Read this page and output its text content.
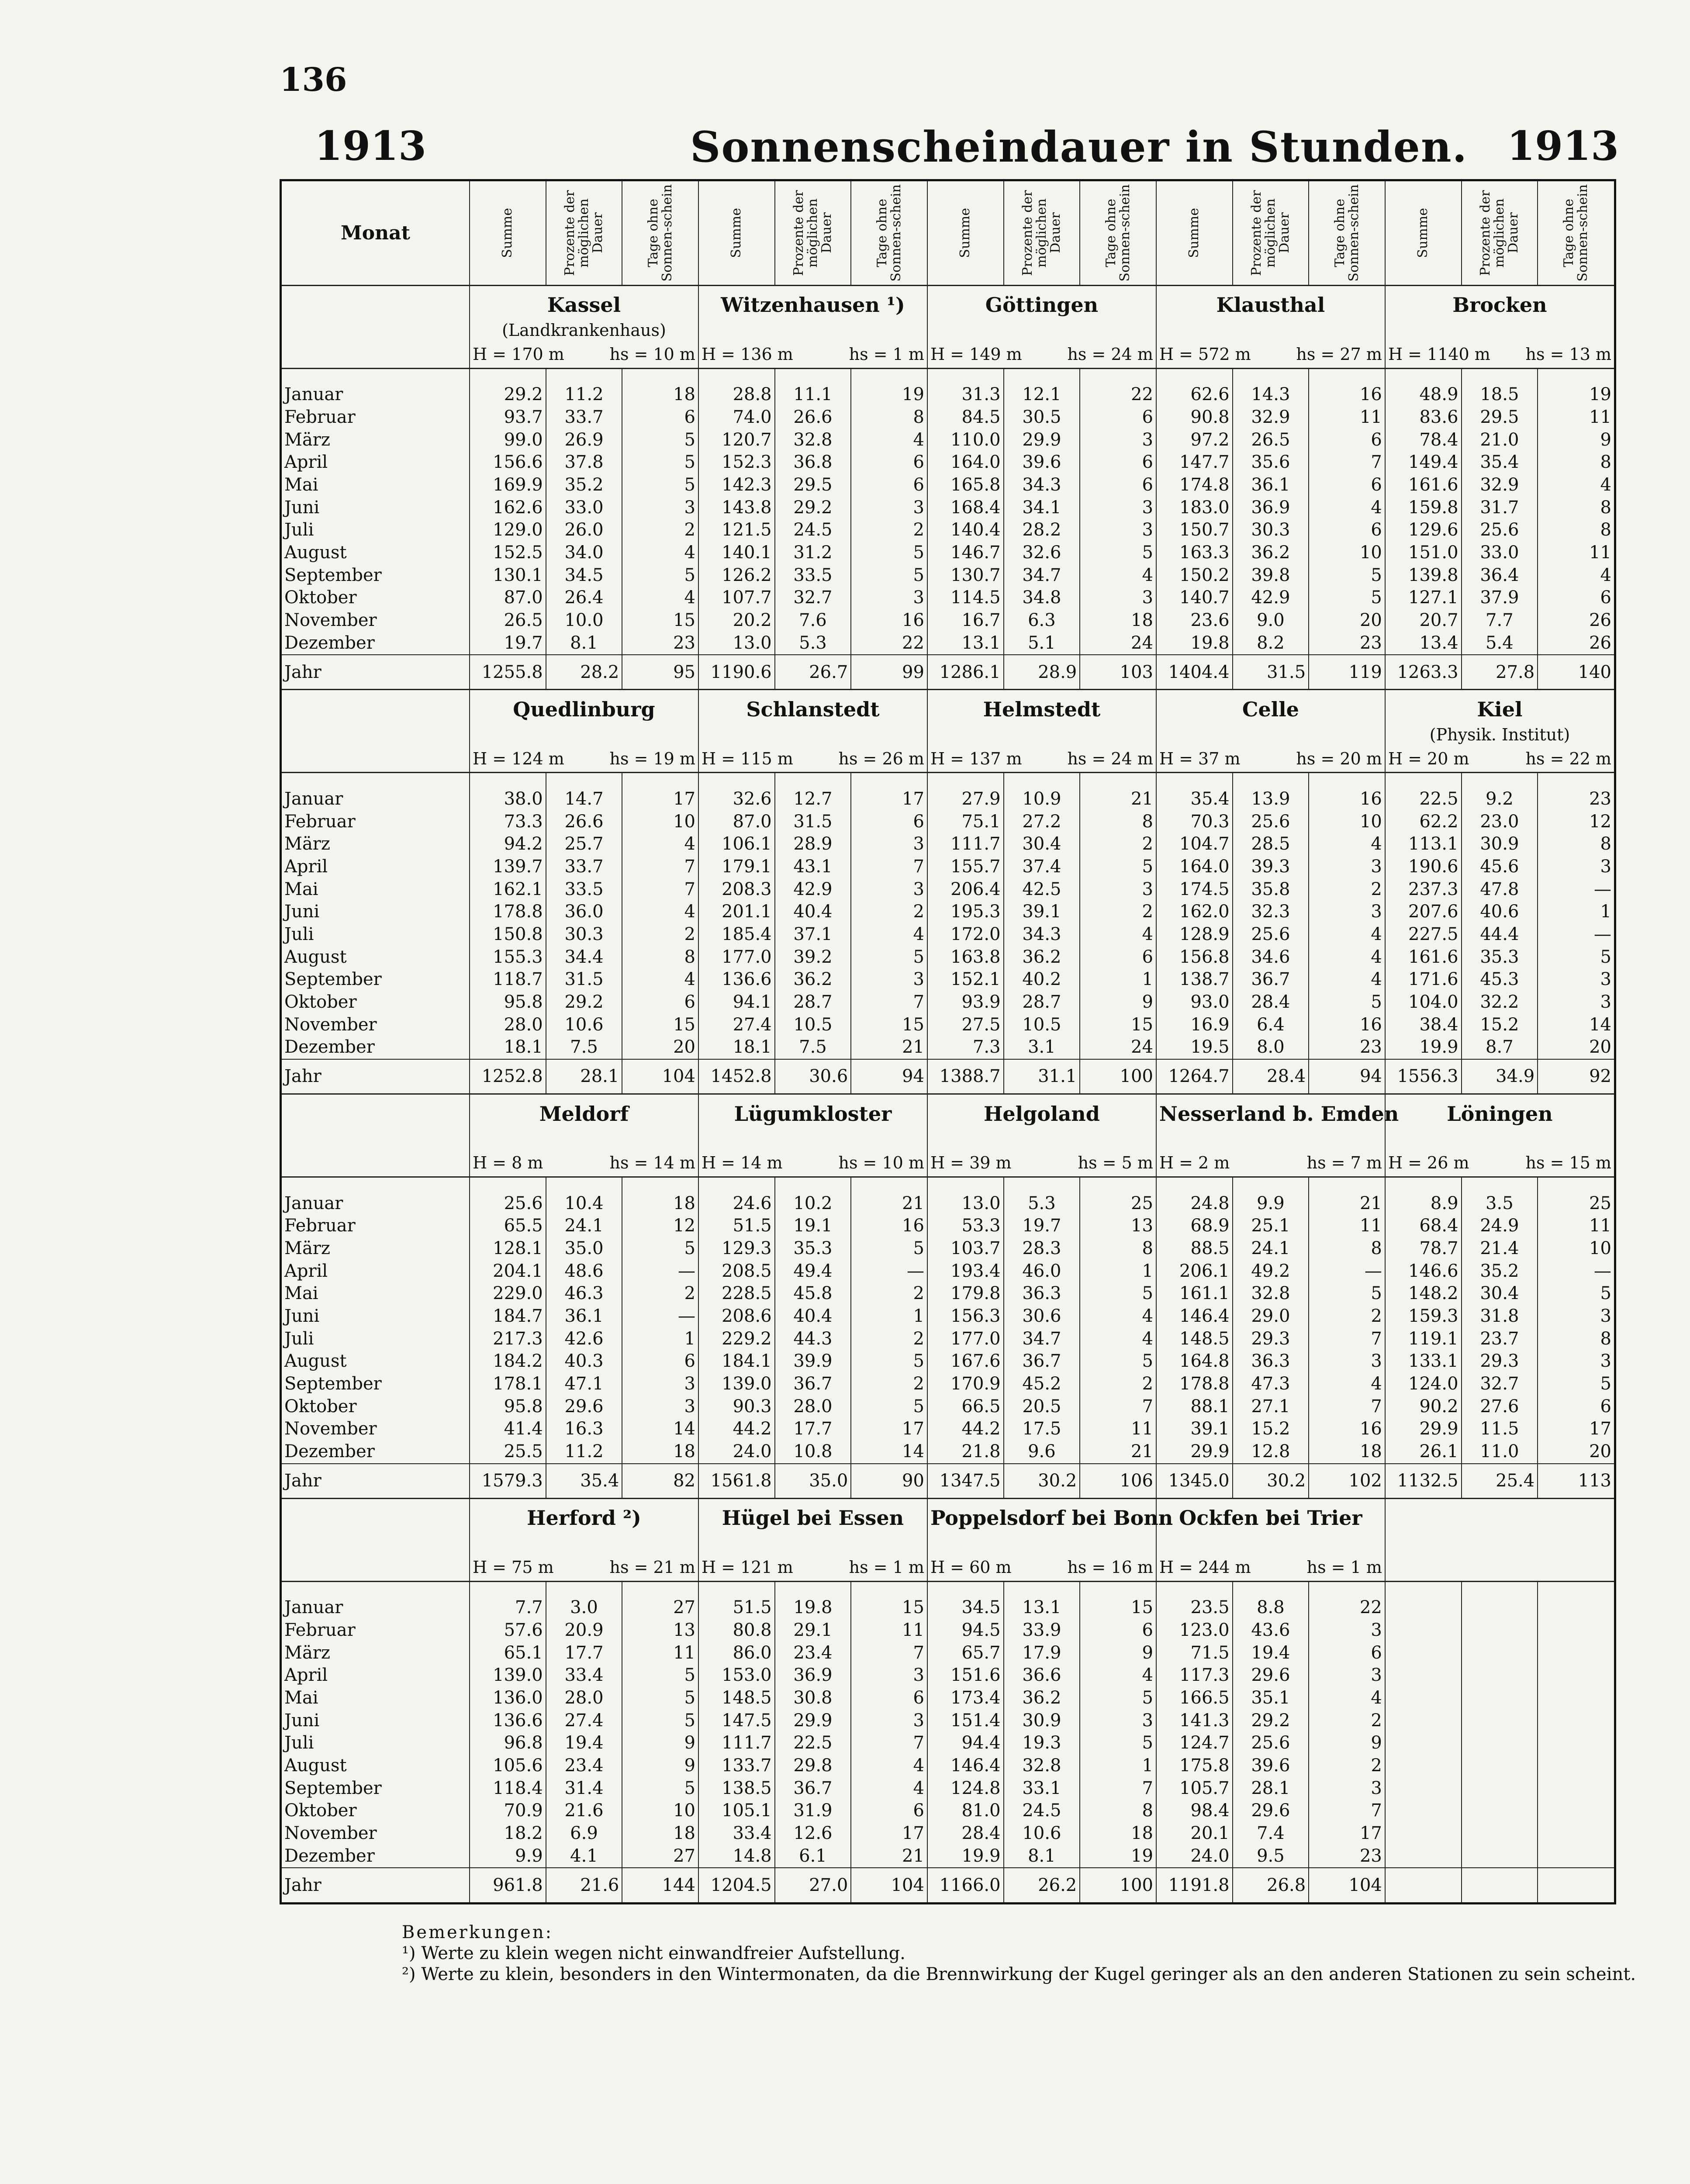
136
1913	Sonnenscheindauer in Stunden. 1913
Monat	Summe	Prozente der möglichen Dauer	Tage ohne Sonnen-schein	Summe	Prozente der möglichen Dauer	Tage ohne Sonnen-schein	Summe	Prozente der möglichen Dauer	Tage ohne Sonnen-schein	Summe	Prozente der möglichen Dauer	Tage ohne Sonnen-schein	Summe	Prozente der möglichen Dauer	Tage ohne Sonnen-schein

	Kassel			Witzenhausen ¹)			Göttingen			Klausthal			Brocken		
	(Landkrankenhaus)														

	H = 170 m hs = 10 m			H = 136 m hs = 1 m			H = 149 m hs = 24 m			H = 572 m hs = 27 m			H = 1140 m hs = 13 m		

Januar	29.2	11.2	18	28.8	11.1	19	31.3	12.1	22	62.6	14.3	16	48.9	18.5	19
Februar	93.7	33.7	6	74.0	26.6	8	84.5	30.5	6	90.8	32.9	11	83.6	29.5	11
März	99.0	26.9	5	120.7	32.8	4	110.0	29.9	3	97.2	26.5	6	78.4	21.0	9
April	156.6	37.8	5	152.3	36.8	6	164.0	39.6	6	147.7	35.6	7	149.4	35.4	8
Mai	169.9	35.2	5	142.3	29.5	6	165.8	34.3	6	174.8	36.1	6	161.6	32.9	4
Juni	162.6	33.0	3	143.8	29.2	3	168.4	34.1	3	183.0	36.9	4	159.8	31.7	8
Juli	129.0	26.0	2	121.5	24.5	2	140.4	28.2	3	150.7	30.3	6	129.6	25.6	8
August	152.5	34.0	4	140.1	31.2	5	146.7	32.6	5	163.3	36.2	10	151.0	33.0	11
September	130.1	34.5	5	126.2	33.5	5	130.7	34.7	4	150.2	39.8	5	139.8	36.4	4
Oktober	87.0	26.4	4	107.7	32.7	3	114.5	34.8	3	140.7	42.9	5	127.1	37.9	6
November	26.5	10.0	15	20.2	7.6	16	16.7	6.3	18	23.6	9.0	20	20.7	7.7	26
Dezember	19.7	8.1	23	13.0	5.3	22	13.1	5.1	24	19.8	8.2	23	13.4	5.4	26
Jahr	1255.8	28.2	95	1190.6	26.7	99	1286.1	28.9	103	1404.4	31.5	119	1263.3	27.8	140
	Quedlinburg			Schlanstedt			Helmstedt			Celle			Kiel		
													(Physik. Institut)		

	H = 124 m hs = 19 m			H = 115 m hs = 26 m			H = 137 m hs = 24 m			H = 37 m hs = 20 m			H = 20 m hs = 22 m		

Januar	38.0	14.7	17	32.6	12.7	17	27.9	10.9	21	35.4	13.9	16	22.5	9.2	23
Februar	73.3	26.6	10	87.0	31.5	6	75.1	27.2	8	70.3	25.6	10	62.2	23.0	12
März	94.2	25.7	4	106.1	28.9	3	111.7	30.4	2	104.7	28.5	4	113.1	30.9	8
April	139.7	33.7	7	179.1	43.1	7	155.7	37.4	5	164.0	39.3	3	190.6	45.6	3
Mai	162.1	33.5	7	208.3	42.9	3	206.4	42.5	3	174.5	35.8	2	237.3	47.8	—
Juni	178.8	36.0	4	201.1	40.4	2	195.3	39.1	2	162.0	32.3	3	207.6	40.6	1
Juli	150.8	30.3	2	185.4	37.1	4	172.0	34.3	4	128.9	25.6	4	227.5	44.4	—
August	155.3	34.4	8	177.0	39.2	5	163.8	36.2	6	156.8	34.6	4	161.6	35.3	5
September	118.7	31.5	4	136.6	36.2	3	152.1	40.2	1	138.7	36.7	4	171.6	45.3	3
Oktober	95.8	29.2	6	94.1	28.7	7	93.9	28.7	9	93.0	28.4	5	104.0	32.2	3
November	28.0	10.6	15	27.4	10.5	15	27.5	10.5	15	16.9	6.4	16	38.4	15.2	14
Dezember	18.1	7.5	20	18.1	7.5	21	7.3	3.1	24	19.5	8.0	23	19.9	8.7	20
Jahr	1252.8	28.1	104	1452.8	30.6	94	1388.7	31.1	100	1264.7	28.4	94	1556.3	34.9	92
	Meldorf			Lügumkloster			Helgoland			Nesserland b. Emden			Löningen		

	H = 8 m hs = 14 m			H = 14 m hs = 10 m			H = 39 m hs = 5 m			H = 2 m hs = 7 m			H = 26 m hs = 15 m		

Januar	25.6	10.4	18	24.6	10.2	21	13.0	5.3	25	24.8	9.9	21	8.9	3.5	25
Februar	65.5	24.1	12	51.5	19.1	16	53.3	19.7	13	68.9	25.1	11	68.4	24.9	11
März	128.1	35.0	5	129.3	35.3	5	103.7	28.3	8	88.5	24.1	8	78.7	21.4	10
April	204.1	48.6	—	208.5	49.4	—	193.4	46.0	1	206.1	49.2	—	146.6	35.2	—
Mai	229.0	46.3	2	228.5	45.8	2	179.8	36.3	5	161.1	32.8	5	148.2	30.4	5
Juni	184.7	36.1	—	208.6	40.4	1	156.3	30.6	4	146.4	29.0	2	159.3	31.8	3
Juli	217.3	42.6	1	229.2	44.3	2	177.0	34.7	4	148.5	29.3	7	119.1	23.7	8
August	184.2	40.3	6	184.1	39.9	5	167.6	36.7	5	164.8	36.3	3	133.1	29.3	3
September	178.1	47.1	3	139.0	36.7	2	170.9	45.2	2	178.8	47.3	4	124.0	32.7	5
Oktober	95.8	29.6	3	90.3	28.0	5	66.5	20.5	7	88.1	27.1	7	90.2	27.6	6
November	41.4	16.3	14	44.2	17.7	17	44.2	17.5	11	39.1	15.2	16	29.9	11.5	17
Dezember	25.5	11.2	18	24.0	10.8	14	21.8	9.6	21	29.9	12.8	18	26.1	11.0	20
Jahr	1579.3	35.4	82	1561.8	35.0	90	1347.5	30.2	106	1345.0	30.2	102	1132.5	25.4	113
	Herford ²)			Hügel bei Essen			Poppelsdorf bei Bonn			Ockfen bei Trier					

	H = 75 m hs = 21 m			H = 121 m hs = 1 m			H = 60 m hs = 16 m			H = 244 m hs = 1 m					

Januar	7.7	3.0	27	51.5	19.8	15	34.5	13.1	15	23.5	8.8	22			
Februar	57.6	20.9	13	80.8	29.1	11	94.5	33.9	6	123.0	43.6	3			
März	65.1	17.7	11	86.0	23.4	7	65.7	17.9	9	71.5	19.4	6			
April	139.0	33.4	5	153.0	36.9	3	151.6	36.6	4	117.3	29.6	3			
Mai	136.0	28.0	5	148.5	30.8	6	173.4	36.2	5	166.5	35.1	4			
Juni	136.6	27.4	5	147.5	29.9	3	151.4	30.9	3	141.3	29.2	2			
Juli	96.8	19.4	9	111.7	22.5	7	94.4	19.3	5	124.7	25.6	9			
August	105.6	23.4	9	133.7	29.8	4	146.4	32.8	1	175.8	39.6	2			
September	118.4	31.4	5	138.5	36.7	4	124.8	33.1	7	105.7	28.1	3			
Oktober	70.9	21.6	10	105.1	31.9	6	81.0	24.5	8	98.4	29.6	7			
November	18.2	6.9	18	33.4	12.6	17	28.4	10.6	18	20.1	7.4	17			
Dezember	9.9	4.1	27	14.8	6.1	21	19.9	8.1	19	24.0	9.5	23			
Jahr	961.8	21.6	144	1204.5	27.0	104	1166.0	26.2	100	1191.8	26.8	104			
Bemerkungen:
¹) Werte zu klein wegen nicht einwandfreier Aufstellung.
²) Werte zu klein, besonders in den Wintermonaten, da die Brennwirkung der Kugel geringer als an den anderen Stationen zu sein scheint.
